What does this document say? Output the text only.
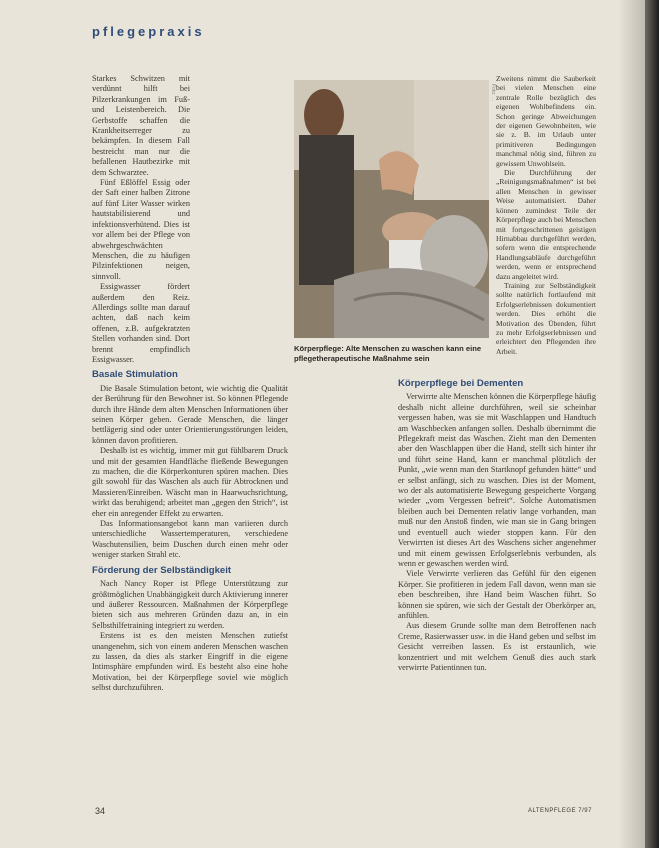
pflegepraxis

Starkes Schwitzen mit verdünnt hilft bei Pilzerkrankungen im Fuß- und Leistenbereich. Die Gerbstoffe schaffen die Krankheitserreger zu bekämpfen. In diesem Fall bestreicht man nur die befallenen Hautbezirke mit dem Schwarztee.

Fünf Eßlöffel Essig oder der Saft einer halben Zitrone auf fünf Liter Wasser wirken hautstabilisierend und infektionsverhütend. Dies ist vor allem bei der Pflege von abwehrgeschwächten Menschen, die zu häufigen Pilzinfektionen neigen, sinnvoll.

Essigwasser fördert außerdem den Reiz. Allerdings sollte man darauf achten, daß nach keim offenen, z.B. aufgekratzten Stellen vorhanden sind. Dort brennt empfindlich Essigwasser.

Basale Stimulation

Die Basale Stimulation betont, wie wichtig die Qualität der Berührung für den Bewohner ist. So können Pflegende durch ihre Hände dem alten Menschen Informationen über seinen Körper geben. Gerade Menschen, die länger bettlägerig sind oder unter Orientierungsstörungen leiden, können davon profitieren.

Deshalb ist es wichtig, immer mit gut fühlbarem Druck und mit der gesamten Handfläche fließende Bewegungen zu machen, die die Körperkonturen spüren machen. Dies gilt sowohl für das Waschen als auch für Abtrocknen und Massieren/Einreiben. Wäscht man in Haarwuchsrichtung, wirkt das beruhigend; arbeitet man „gegen den Strich“, ist eher ein anregender Effekt zu erwarten.

Das Informationsangebot kann man variieren durch unterschiedliche Wassertemperaturen, verschiedene Waschutensilien, beim Duschen durch einen mehr oder weniger starken Strahl etc.

Förderung der Selbständigkeit

Nach Nancy Roper ist Pflege Unterstützung zur größtmöglichen Unabhängigkeit durch Aktivierung innerer und äußerer Ressourcen. Maßnahmen der Körperpflege bieten sich aus mehreren Gründen dazu an, in ein Selbsthilfetraining integriert zu werden.

Erstens ist es den meisten Menschen zutiefst unangenehm, sich von einem anderen Menschen waschen zu lassen, da dies als starker Eingriff in die eigene Intimsphäre empfunden wird. Es besteht also eine hohe Motivation, bei der Körperpflege soviel wie möglich selbst durchzuführen.

Foto: ...
Körperpflege: Alte Menschen zu waschen kann eine pflegetherapeutische Maßnahme sein

Zweitens nimmt die Sauberkeit bei vielen Menschen eine zentrale Rolle bezüglich des eigenen Wohlbefindens ein. Schon geringe Abweichungen der eigenen Gewohnheiten, wie sie z. B. im Urlaub unter primitiveren Bedingungen manchmal nötig sind, führen zu gewissem Unwohlsein.

Die Durchführung der „Reinigungsmaßnahmen“ ist bei allen Menschen in gewisser Weise automatisiert. Daher können zumindest Teile der Körperpflege auch bei Menschen mit fortgeschrittenen geistigen Hirnabbau durchgeführt werden, sofern wenn die entsprechende Handlungsabläufe durchgeführt werden, wenn er entsprechend dazu angeleitet wird.

Training zur Selbständigkeit sollte natürlich fortlaufend mit Erfolgserlebnissen dokumentiert werden. Dies erhöht die Motivation des Übenden, führt zu mehr Erfolgserlebnissen und erleichtert den Pflegenden ihre Arbeit.

Körperpflege bei Dementen

Verwirrte alte Menschen können die Körperpflege häufig deshalb nicht alleine durchführen, weil sie scheinbar vergessen haben, was sie mit Waschlappen und Handtuch am Waschbecken anfangen sollen. Deshalb übernimmt die Pflegekraft meist das Waschen. Zieht man den Dementen aber den Waschlappen über die Hand, stellt sich hinter ihr und führt seine Hand, kann er manchmal plötzlich der Punkt, „wie wenn man den Startknopf gefunden hätte“ und er selbst anfängt, sich zu waschen. Dies ist der Moment, wo der als automatisierte Bewegung gespeicherte Vorgang wieder „vom Vergessen befreit“. Solche Automatismen bleiben auch bei Dementen relativ lange vorhanden, man muß nur den Anstoß finden, wie man sie in Gang bringen und eventuell auch wieder stoppen kann. Für den Verwirrten ist dieses Art des Waschens sicher angenehmer und mit einem gewissen Erfolgserlebnis verbunden, als wenn er gewaschen werden wird.

Viele Verwirrte verlieren das Gefühl für den eigenen Körper. Sie profitieren in jedem Fall davon, wenn man sie eben beschreiben, ihre Hand beim Waschen führt. So können sie spüren, wie sich der Gestalt der Oberkörper an, anfühlen.

Aus diesem Grunde sollte man dem Betroffenen nach Creme, Rasierwasser usw. in die Hand geben und selbst im Gesicht verreiben lassen. Es ist erstaunlich, wie konzentriert und mit welchem Genuß dies auch stark verwirrte Patientinnen tun.

34	ALTENPFLEGE 7/97
